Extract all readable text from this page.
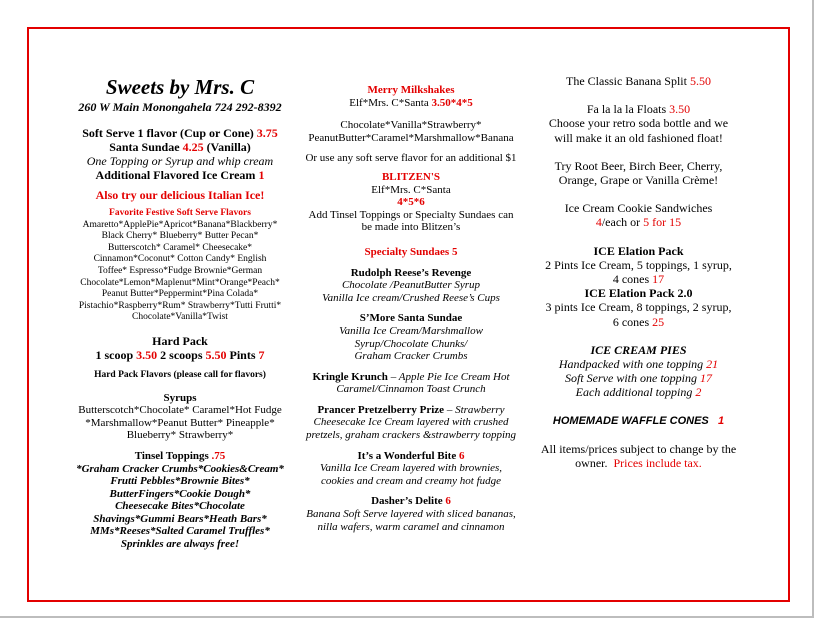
Sweets by Mrs. C

260 W Main Monongahela 724 292-8392

Soft Serve 1 flavor (Cup or Cone) 3.75

Santa Sundae 4.25 (Vanilla)

One Topping or Syrup and whip cream

Additional Flavored Ice Cream 1

Also try our delicious Italian Ice!

Favorite Festive Soft Serve Flavors

Amaretto*ApplePie*Apricot*Banana*Blackberry*

Black Cherry* Blueberry* Butter Pecan*

Butterscotch* Caramel* Cheesecake*

Cinnamon*Coconut* Cotton Candy* English

Toffee* Espresso*Fudge Brownie*German

Chocolate*Lemon*Maplenut*Mint*Orange*Peach*

Peanut Butter*Peppermint*Pina Colada*

Pistachio*Raspberry*Rum* Strawberry*Tutti Frutti*

Chocolate*Vanilla*Twist

Hard Pack

1 scoop 3.50 2 scoops 5.50 Pints 7

Hard Pack Flavors (please call for flavors)

Syrups

Butterscotch*Chocolate* Caramel*Hot Fudge

*Marshmallow*Peanut Butter* Pineapple*

Blueberry* Strawberry*

Tinsel Toppings .75

*Graham Cracker Crumbs*Cookies&Cream*

Frutti Pebbles*Brownie Bites*

ButterFingers*Cookie Dough*

Cheesecake Bites*Chocolate

Shavings*Gummi Bears*Heath Bars*

MMs*Reeses*Salted Caramel Truffles*

Sprinkles are always free!

Merry Milkshakes

Elf*Mrs. C*Santa 3.50*4*5

Chocolate*Vanilla*Strawberry*

PeanutButter*Caramel*Marshmallow*Banana

Or use any soft serve flavor for an additional $1

BLITZEN'S

Elf*Mrs. C*Santa

4*5*6

Add Tinsel Toppings or Specialty Sundaes can

be made into Blitzen’s

Specialty Sundaes 5

Rudolph Reese’s Revenge

Chocolate /PeanutButter Syrup

Vanilla Ice cream/Crushed Reese’s Cups

S’More Santa Sundae

Vanilla Ice Cream/Marshmallow

Syrup/Chocolate Chunks/

Graham Cracker Crumbs

Kringle Krunch – Apple Pie Ice Cream Hot

Caramel/Cinnamon Toast Crunch

Prancer Pretzelberry Prize – Strawberry

Cheesecake Ice Cream layered with crushed

pretzels, graham crackers &strawberry topping

It’s a Wonderful Bite 6

Vanilla Ice Cream layered with brownies,

cookies and cream and creamy hot fudge

Dasher’s Delite 6

Banana Soft Serve layered with sliced bananas,

nilla wafers, warm caramel and cinnamon

The Classic Banana Split 5.50

Fa la la la Floats 3.50

Choose your retro soda bottle and we

will make it an old fashioned float!

Try Root Beer, Birch Beer, Cherry,

Orange, Grape or Vanilla Crème!

Ice Cream Cookie Sandwiches

4/each or 5 for 15

ICE Elation Pack

2 Pints Ice Cream, 5 toppings, 1 syrup,

4 cones 17

ICE Elation Pack 2.0

3 pints Ice Cream, 8 toppings, 2 syrup,

6 cones 25

ICE CREAM PIES

Handpacked with one topping 21

Soft Serve with one topping 17

Each additional topping 2

HOMEMADE WAFFLE CONES 1

All items/prices subject to change by the

owner. Prices include tax.
